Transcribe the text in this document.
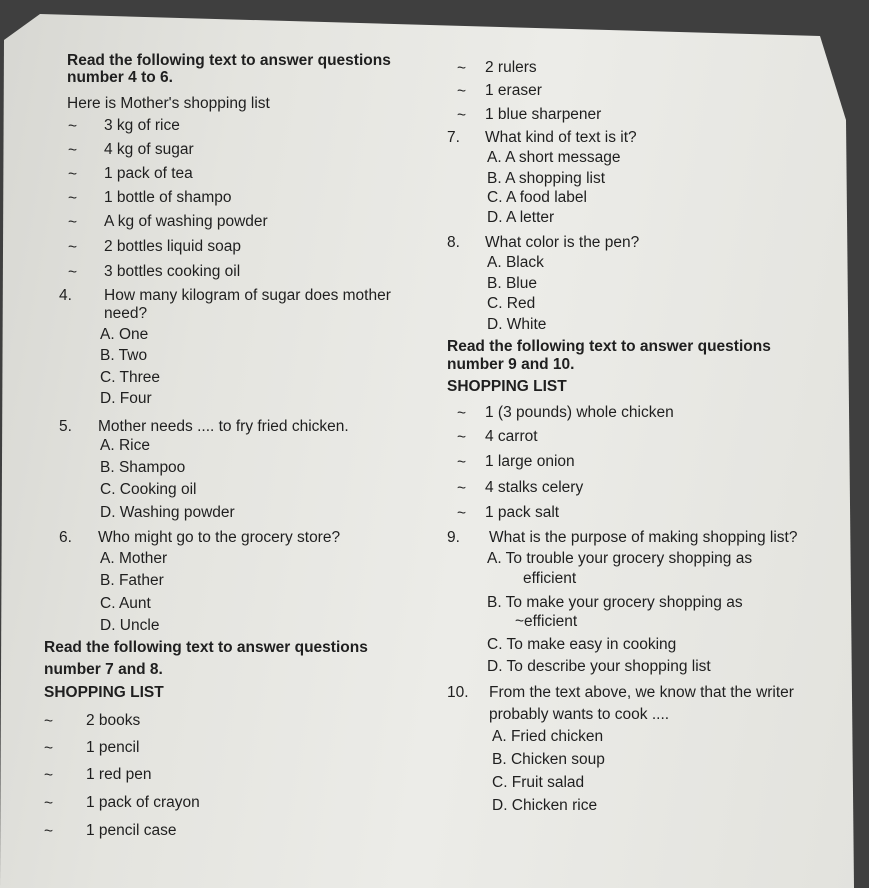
Read the following text to answer questions
number 4 to 6.
Here is Mother's shopping list
~ 3 kg of rice
~ 4 kg of sugar
~ 1 pack of tea
~ 1 bottle of shampo
~ A kg of washing powder
~ 2 bottles liquid soap
~ 3 bottles cooking oil
4. How many kilogram of sugar does mother
need?
A. One
B. Two
C. Three
D. Four
5. Mother needs .... to fry fried chicken.
A. Rice
B. Shampoo
C. Cooking oil
D. Washing powder
6. Who might go to the grocery store?
A. Mother
B. Father
C. Aunt
D. Uncle
Read the following text to answer questions
number 7 and 8.
SHOPPING LIST
~ 2 books
~ 1 pencil
~ 1 red pen
~ 1 pack of crayon
~ 1 pencil case
~ 2 rulers
~ 1 eraser
~ 1 blue sharpener
7. What kind of text is it?
A. A short message
B. A shopping list
C. A food label
D. A letter
8. What color is the pen?
A. Black
B. Blue
C. Red
D. White
Read the following text to answer questions
number 9 and 10.
SHOPPING LIST
~ 1 (3 pounds) whole chicken
~ 4 carrot
~ 1 large onion
~ 4 stalks celery
~ 1 pack salt
9. What is the purpose of making shopping list?
A. To trouble your grocery shopping as
efficient
B. To make your grocery shopping as
~efficient
C. To make easy in cooking
D. To describe your shopping list
10. From the text above, we know that the writer
probably wants to cook ....
A. Fried chicken
B. Chicken soup
C. Fruit salad
D. Chicken rice
